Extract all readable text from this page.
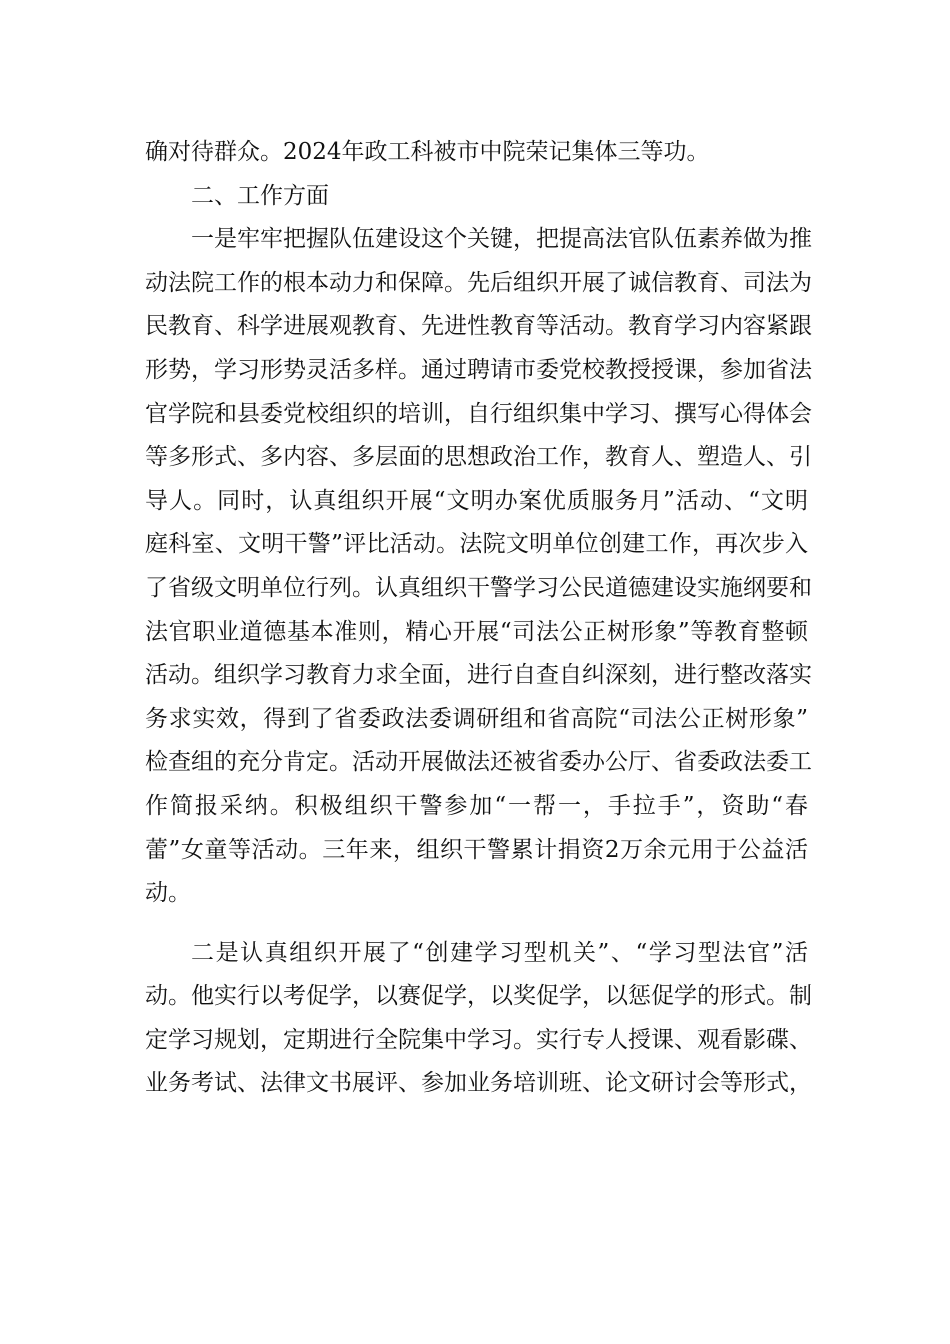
确对待群众。2024年政工科被市中院荣记集体三等功。
二、工作方面
一是牢牢把握队伍建设这个关键，把提高法官队伍素养做为推
动法院工作的根本动力和保障。先后组织开展了诚信教育、司法为
民教育、科学进展观教育、先进性教育等活动。教育学习内容紧跟
形势，学习形势灵活多样。通过聘请市委党校教授授课，参加省法
官学院和县委党校组织的培训，自行组织集中学习、撰写心得体会
等多形式、多内容、多层面的思想政治工作，教育人、塑造人、引
导人。同时，认真组织开展“文明办案优质服务月”活动、“文明
庭科室、文明干警”评比活动。法院文明单位创建工作，再次步入
了省级文明单位行列。认真组织干警学习公民道德建设实施纲要和
法官职业道德基本准则，精心开展“司法公正树形象”等教育整顿
活动。组织学习教育力求全面，进行自查自纠深刻，进行整改落实
务求实效，得到了省委政法委调研组和省高院“司法公正树形象”
检查组的充分肯定。活动开展做法还被省委办公厅、省委政法委工
作简报采纳。积极组织干警参加“一帮一，手拉手”，资助“春
蕾”女童等活动。三年来，组织干警累计捐资2万余元用于公益活
动。
二是认真组织开展了“创建学习型机关”、“学习型法官”活
动。他实行以考促学，以赛促学，以奖促学，以惩促学的形式。制
定学习规划，定期进行全院集中学习。实行专人授课、观看影碟、
业务考试、法律文书展评、参加业务培训班、论文研讨会等形式，
